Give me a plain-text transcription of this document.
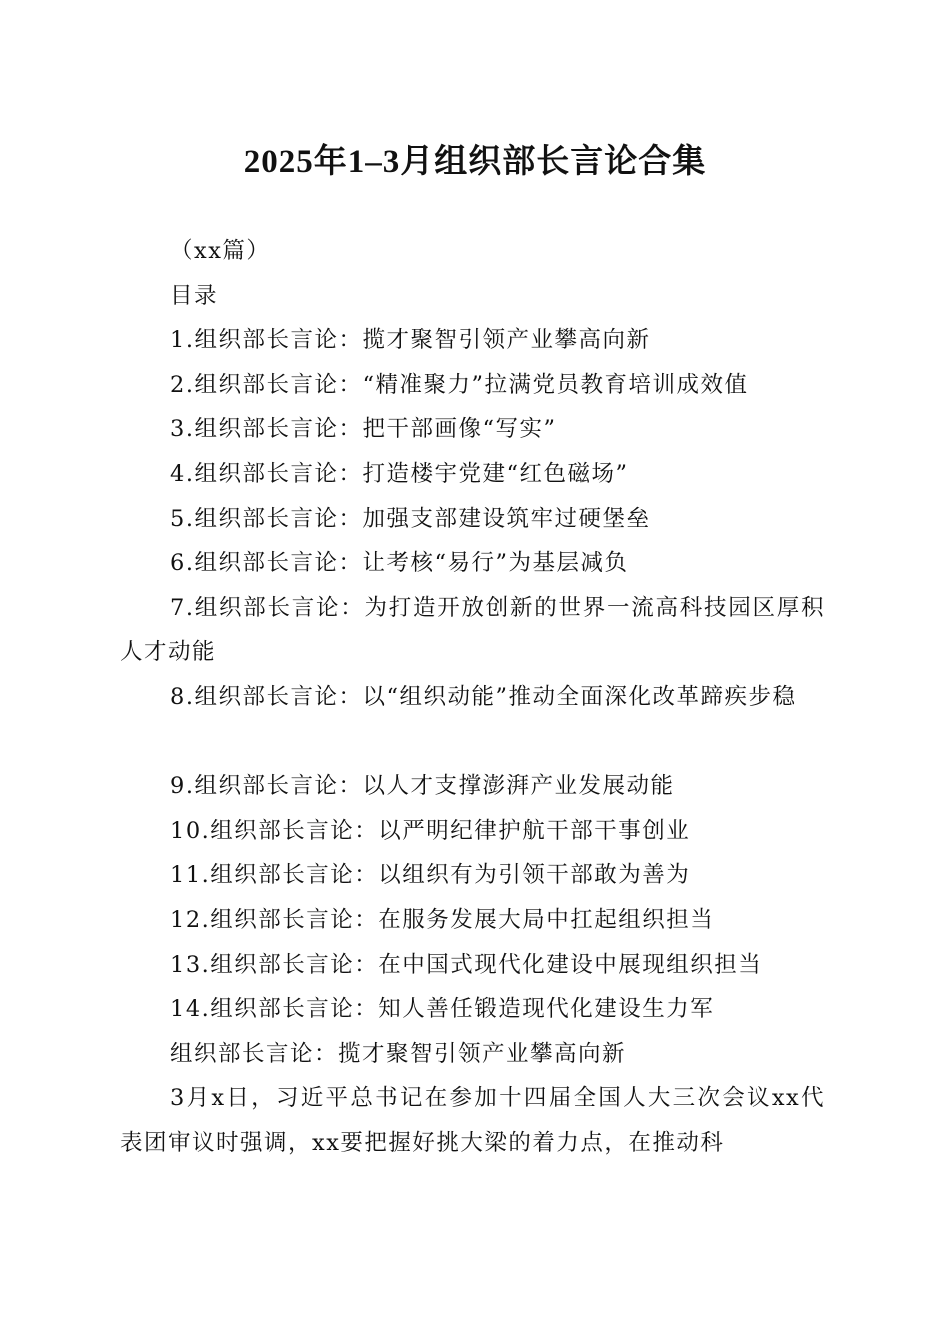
2025年1–3月组织部长言论合集

（xx篇）

目录

1.组织部长言论：揽才聚智引领产业攀高向新

2.组织部长言论：“精准聚力”拉满党员教育培训成效值

3.组织部长言论：把干部画像“写实”

4.组织部长言论：打造楼宇党建“红色磁场”

5.组织部长言论：加强支部建设筑牢过硬堡垒

6.组织部长言论：让考核“易行”为基层减负

7.组织部长言论：为打造开放创新的世界一流高科技园区厚积人才动能

8.组织部长言论：以“组织动能”推动全面深化改革蹄疾步稳

9.组织部长言论：以人才支撑澎湃产业发展动能

10.组织部长言论：以严明纪律护航干部干事创业

11.组织部长言论：以组织有为引领干部敢为善为

12.组织部长言论：在服务发展大局中扛起组织担当

13.组织部长言论：在中国式现代化建设中展现组织担当

14.组织部长言论：知人善任锻造现代化建设生力军

组织部长言论：揽才聚智引领产业攀高向新

3月x日，习近平总书记在参加十四届全国人大三次会议xx代表团审议时强调，xx要把握好挑大梁的着力点，在推动科
